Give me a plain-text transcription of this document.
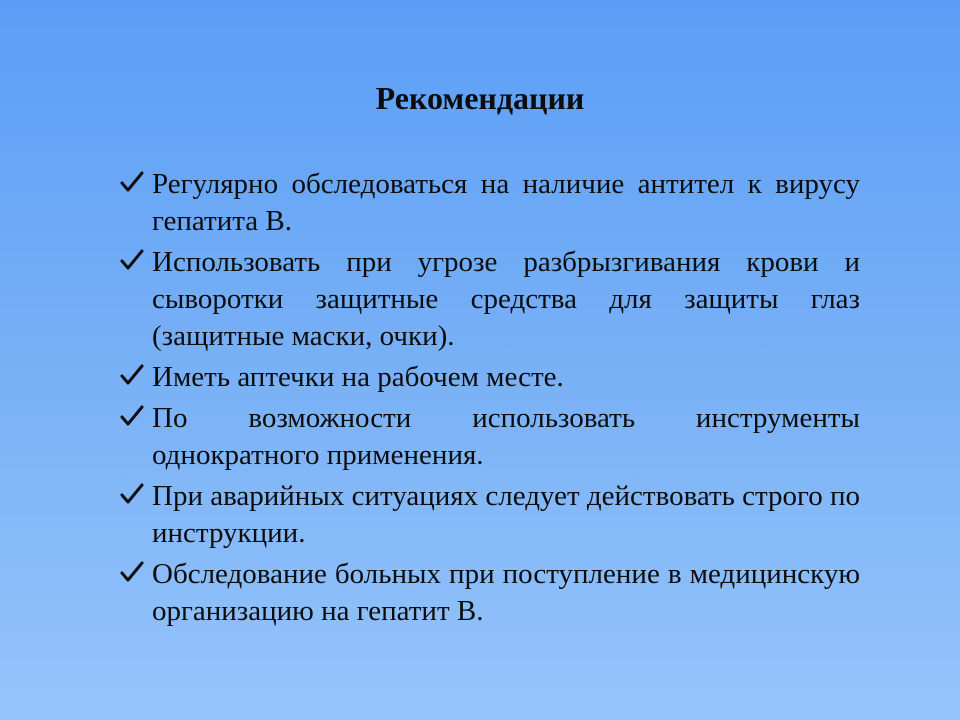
Рекомендации
Регулярно обследоваться на наличие антител к вирусу гепатита В.
Использовать при угрозе разбрызгивания крови и сыворотки защитные средства для защиты глаз (защитные маски, очки).
Иметь аптечки на рабочем месте.
По возможности использовать инструменты однократного применения.
При аварийных ситуациях следует действовать строго по инструкции.
Обследование больных при поступление в медицинскую организацию на гепатит В.
